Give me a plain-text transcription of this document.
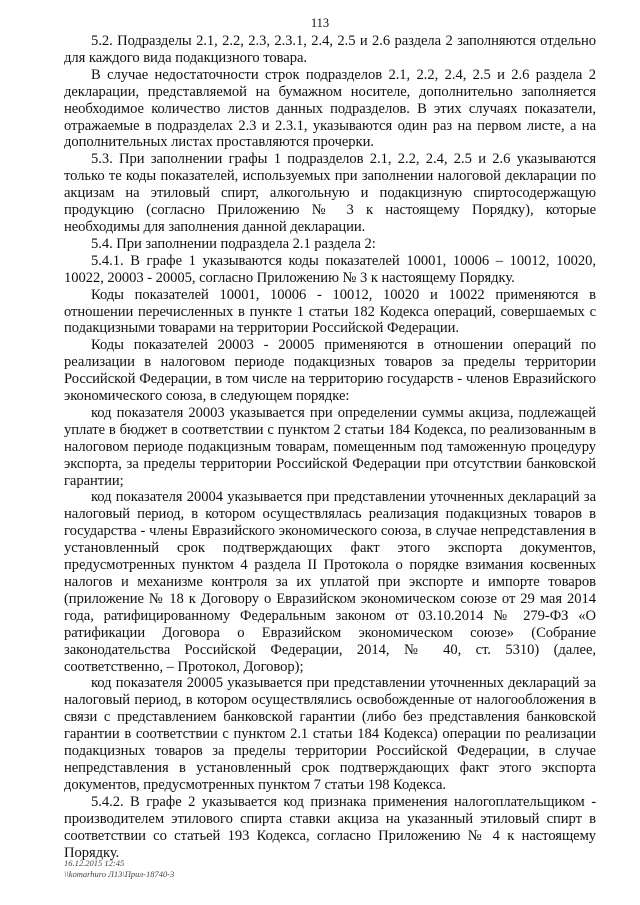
113

5.2. Подразделы 2.1, 2.2, 2.3, 2.3.1, 2.4, 2.5 и 2.6 раздела 2 заполняются отдельно для каждого вида подакцизного товара.

В случае недостаточности строк подразделов 2.1, 2.2, 2.4, 2.5 и 2.6 раздела 2 декларации, представляемой на бумажном носителе, дополнительно заполняется необходимое количество листов данных подразделов. В этих случаях показатели, отражаемые в подразделах 2.3 и 2.3.1, указываются один раз на первом листе, а на дополнительных листах проставляются прочерки.

5.3. При заполнении графы 1 подразделов 2.1, 2.2, 2.4, 2.5 и 2.6 указываются только те коды показателей, используемых при заполнении налоговой декларации по акцизам на этиловый спирт, алкогольную и подакцизную спиртосодержащую продукцию (согласно Приложению № 3 к настоящему Порядку), которые необходимы для заполнения данной декларации.

5.4. При заполнении подраздела 2.1 раздела 2:

5.4.1. В графе 1 указываются коды показателей 10001, 10006 – 10012, 10020, 10022, 20003 - 20005, согласно Приложению № 3 к настоящему Порядку.

Коды показателей 10001, 10006 - 10012, 10020 и 10022 применяются в отношении перечисленных в пункте 1 статьи 182 Кодекса операций, совершаемых с подакцизными товарами на территории Российской Федерации.

Коды показателей 20003 - 20005 применяются в отношении операций по реализации в налоговом периоде подакцизных товаров за пределы территории Российской Федерации, в том числе на территорию государств - членов Евразийского экономического союза, в следующем порядке:

код показателя 20003 указывается при определении суммы акциза, подлежащей уплате в бюджет в соответствии с пунктом 2 статьи 184 Кодекса, по реализованным в налоговом периоде подакцизным товарам, помещенным под таможенную процедуру экспорта, за пределы территории Российской Федерации при отсутствии банковской гарантии;

код показателя 20004 указывается при представлении уточненных деклараций за налоговый период, в котором осуществлялась реализация подакцизных товаров в государства - члены Евразийского экономического союза, в случае непредставления в установленный срок подтверждающих факт этого экспорта документов, предусмотренных пунктом 4 раздела II Протокола о порядке взимания косвенных налогов и механизме контроля за их уплатой при экспорте и импорте товаров (приложение № 18 к Договору о Евразийском экономическом союзе от 29 мая 2014 года, ратифицированному Федеральным законом от 03.10.2014 № 279-ФЗ «О ратификации Договора о Евразийском экономическом союзе» (Собрание законодательства Российской Федерации, 2014, № 40, ст. 5310) (далее, соответственно, – Протокол, Договор);

код показателя 20005 указывается при представлении уточненных деклараций за налоговый период, в котором осуществлялись освобожденные от налогообложения в связи с представлением банковской гарантии (либо без представления банковской гарантии в соответствии с пунктом 2.1 статьи 184 Кодекса) операции по реализации подакцизных товаров за пределы территории Российской Федерации, в случае непредставления в установленный срок подтверждающих факт этого экспорта документов, предусмотренных пунктом 7 статьи 198 Кодекса.

5.4.2. В графе 2 указывается код признака применения налогоплательщиком - производителем этилового спирта ставки акциза на указанный этиловый спирт в соответствии со статьей 193 Кодекса, согласно Приложению № 4 к настоящему Порядку.

16.12.2015 12:45
\\komarhuro Л13\Прил-18740-3
